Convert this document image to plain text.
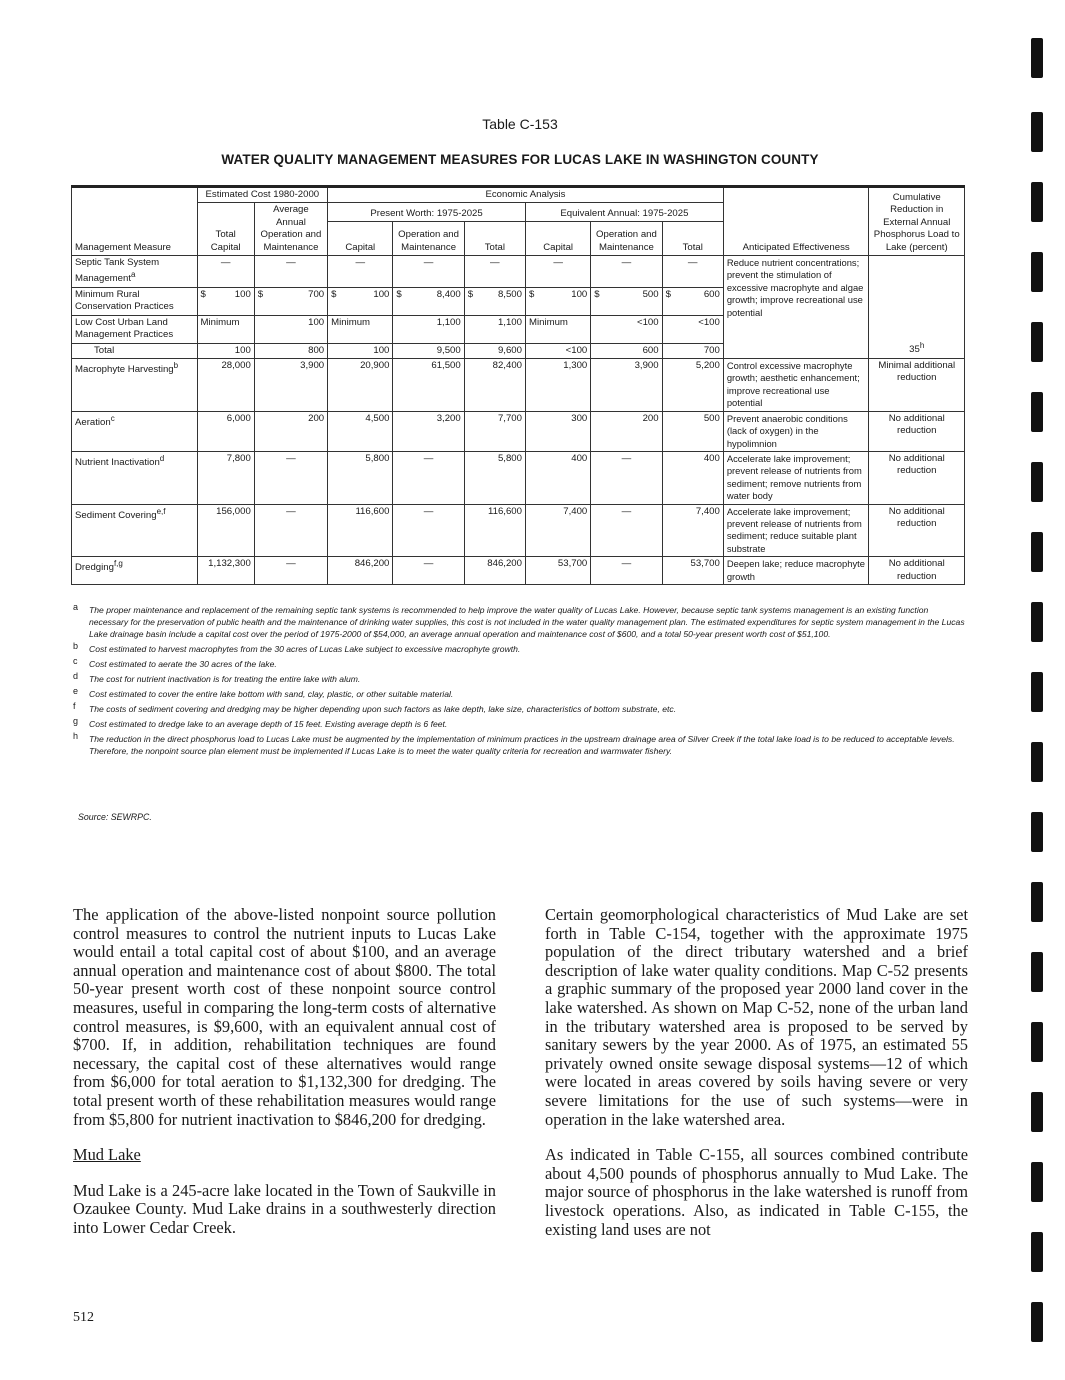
Table C-153
WATER QUALITY MANAGEMENT MEASURES FOR LUCAS LAKE IN WASHINGTON COUNTY
Management Measure	Estimated Cost 1980-2000		Economic Analysis						Anticipated Effectiveness	Cumulative Reduction in External Annual Phosphorus Load to Lake (percent)
	Total Capital	Average Annual Operation and Maintenance	Present Worth: 1975-2025			Equivalent Annual: 1975-2025				
			Capital	Operation and Maintenance	Total	Capital	Operation and Maintenance	Total		
Septic Tank System Management$^a$	—	—	—	—	—	—	—	—	Reduce nutrient concentrations; prevent the stimulation of excessive macrophyte and algae growth; improve recreational use potential	35$^h$
Minimum Rural Conservation Practices	$ 100	$ 700	$ 100	$ 8,400	$ 8,500	$ 100	$ 500	$ 600		
Low Cost Urban Land Management Practices	Minimum	100	Minimum	1,100	1,100	Minimum	<100	<100		
Total	100	800	100	9,500	9,600	<100	600	700		
Macrophyte Harvesting$^b$	28,000	3,900	20,900	61,500	82,400	1,300	3,900	5,200	Control excessive macrophyte growth; aesthetic enhancement; improve recreational use potential	Minimal additional reduction
Aeration$^c$	6,000	200	4,500	3,200	7,700	300	200	500	Prevent anaerobic conditions (lack of oxygen) in the hypolimnion	No additional reduction
Nutrient Inactivation$^d$	7,800	—	5,800	—	5,800	400	—	400	Accelerate lake improvement; prevent release of nutrients from sediment; remove nutrients from water body	No additional reduction
Sediment Covering$^{e,f}$	156,000	—	116,600	—	116,600	7,400	—	7,400	Accelerate lake improvement; prevent release of nutrients from sediment; reduce suitable plant substrate	No additional reduction
Dredging$^{f,g}$	1,132,300	—	846,200	—	846,200	53,700	—	53,700	Deepen lake; reduce macrophyte growth	No additional reduction
a The proper maintenance and replacement of the remaining septic tank systems is recommended to help improve the water quality of Lucas Lake. However, because septic tank systems management is an existing function necessary for the preservation of public health and the maintenance of drinking water supplies, this cost is not included in the water quality management plan. The estimated expenditures for septic system management in the Lucas Lake drainage basin include a capital cost over the period of 1975-2000 of $54,000, an average annual operation and maintenance cost of $600, and a total 50-year present worth cost of $51,100.
b Cost estimated to harvest macrophytes from the 30 acres of Lucas Lake subject to excessive macrophyte growth.
c Cost estimated to aerate the 30 acres of the lake.
d The cost for nutrient inactivation is for treating the entire lake with alum.
e Cost estimated to cover the entire lake bottom with sand, clay, plastic, or other suitable material.
f The costs of sediment covering and dredging may be higher depending upon such factors as lake depth, lake size, characteristics of bottom substrate, etc.
g Cost estimated to dredge lake to an average depth of 15 feet. Existing average depth is 6 feet.
h The reduction in the direct phosphorus load to Lucas Lake must be augmented by the implementation of minimum practices in the upstream drainage area of Silver Creek if the total lake load is to be reduced to acceptable levels. Therefore, the nonpoint source plan element must be implemented if Lucas Lake is to meet the water quality criteria for recreation and warmwater fishery.
Source: SEWRPC.

The application of the above-listed nonpoint source pollution control measures to control the nutrient inputs to Lucas Lake would entail a total capital cost of about $100, and an average annual operation and maintenance cost of about $800. The total 50-year present worth cost of these nonpoint source control measures, useful in comparing the long-term costs of alternative control measures, is $9,600, with an equivalent annual cost of $700. If, in addition, rehabilitation techniques are found necessary, the capital cost of these alternatives would range from $6,000 for total aeration to $1,132,300 for dredging. The total present worth of these rehabilitation measures would range from $5,800 for nutrient inactivation to $846,200 for dredging.

Mud Lake

Mud Lake is a 245-acre lake located in the Town of Saukville in Ozaukee County. Mud Lake drains in a southwesterly direction into Lower Cedar Creek.

Certain geomorphological characteristics of Mud Lake are set forth in Table C-154, together with the approximate 1975 population of the direct tributary watershed and a brief description of lake water quality conditions. Map C-52 presents a graphic summary of the proposed year 2000 land cover in the lake watershed. As shown on Map C-52, none of the urban land in the tributary watershed area is proposed to be served by sanitary sewers by the year 2000. As of 1975, an estimated 55 privately owned onsite sewage disposal systems—12 of which were located in areas covered by soils having severe or very severe limitations for the use of such systems—were in operation in the lake watershed area.

As indicated in Table C-155, all sources combined contribute about 4,500 pounds of phosphorus annually to Mud Lake. The major source of phosphorus in the lake watershed is runoff from livestock operations. Also, as indicated in Table C-155, the existing land uses are not

512
